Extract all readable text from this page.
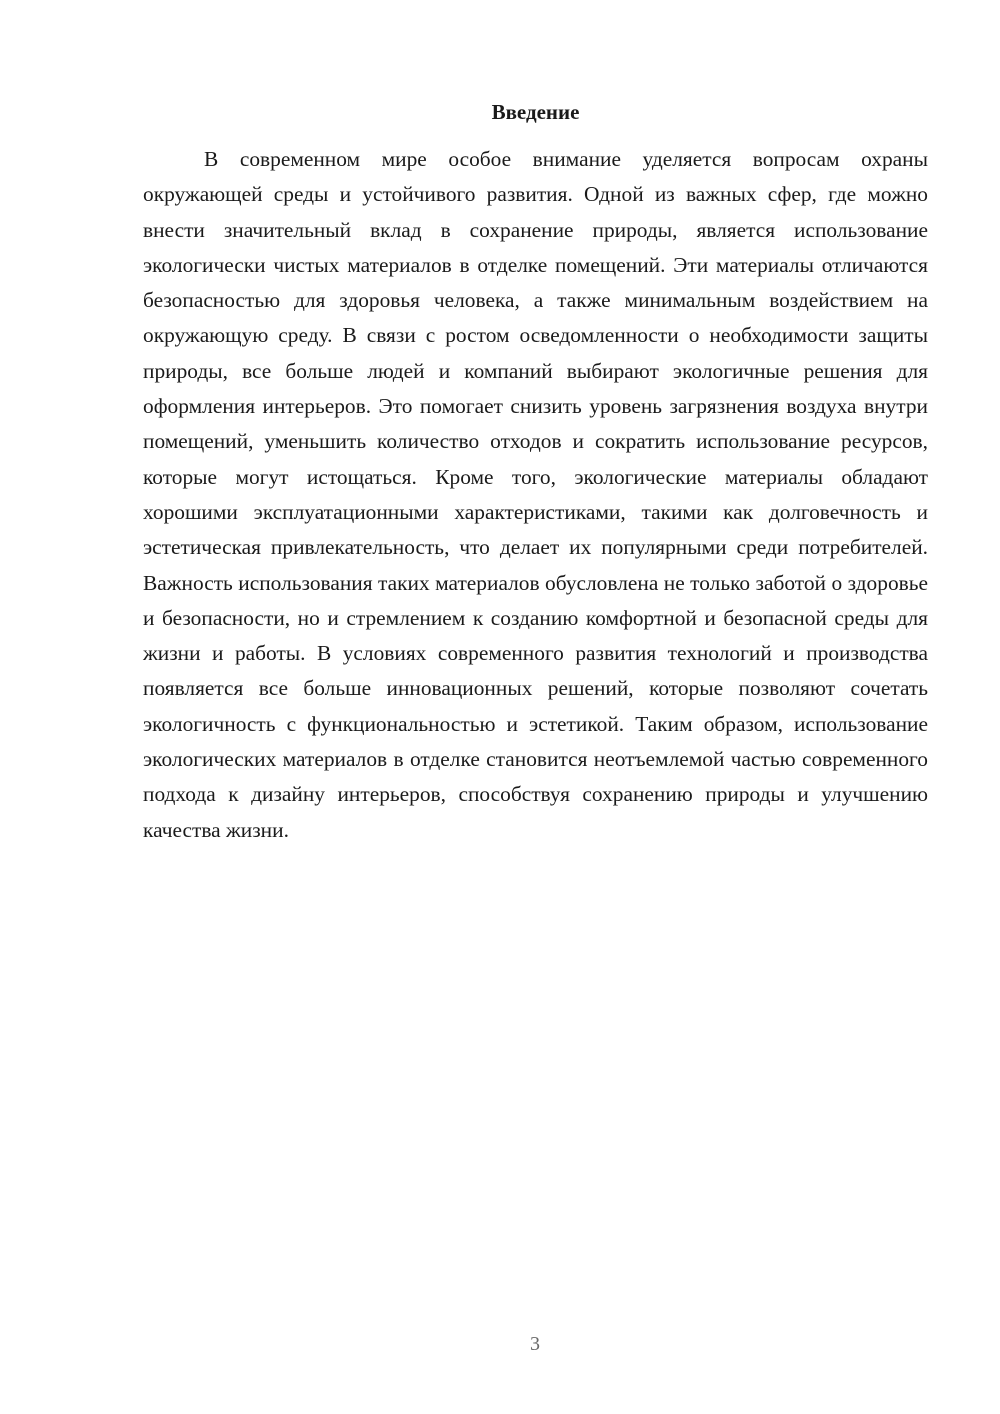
Введение

В современном мире особое внимание уделяется вопросам охраны окружающей среды и устойчивого развития. Одной из важных сфер, где можно внести значительный вклад в сохранение природы, является использование экологически чистых материалов в отделке помещений. Эти материалы отличаются безопасностью для здоровья человека, а также минимальным воздействием на окружающую среду. В связи с ростом осведомленности о необходимости защиты природы, все больше людей и компаний выбирают экологичные решения для оформления интерьеров. Это помогает снизить уровень загрязнения воздуха внутри помещений, уменьшить количество отходов и сократить использование ресурсов, которые могут истощаться. Кроме того, экологические материалы обладают хорошими эксплуатационными характеристиками, такими как долговечность и эстетическая привлекательность, что делает их популярными среди потребителей. Важность использования таких материалов обусловлена не только заботой о здоровье и безопасности, но и стремлением к созданию комфортной и безопасной среды для жизни и работы. В условиях современного развития технологий и производства появляется все больше инновационных решений, которые позволяют сочетать экологичность с функциональностью и эстетикой. Таким образом, использование экологических материалов в отделке становится неотъемлемой частью современного подхода к дизайну интерьеров, способствуя сохранению природы и улучшению качества жизни.

3
